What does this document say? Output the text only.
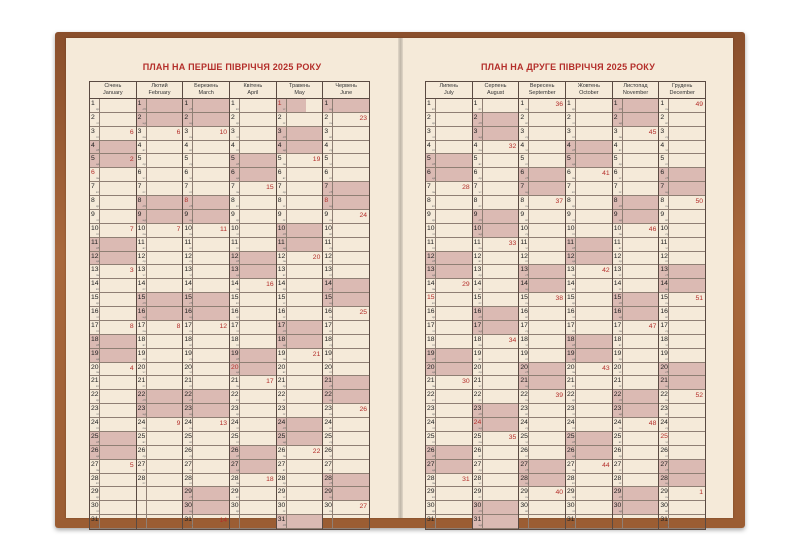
ПЛАН НА ПЕРШЕ ПІВРІЧЧЯ 2025 РОКУ
Січень
January
1
ср
2
чт
3
пт
6
4
сб
5
нд
2
6
пн
7
вт
8
ср
9
чт
10
пт
7
11
сб
12
нд
13
пн
3
14
вт
15
ср
16
чт
17
пт
8
18
сб
19
нд
20
пн
4
21
вт
22
ср
23
чт
24
пт
25
сб
26
нд
27
пн
5
28
вт
29
ср
30
чт
31
пт
Лютий
February
1
сб
2
нд
3
пн
6
4
вт
5
ср
6
чт
7
пт
8
сб
9
нд
10
пн
7
11
вт
12
ср
13
чт
14
пт
15
сб
16
нд
17
пн
8
18
вт
19
ср
20
чт
21
пт
22
сб
23
нд
24
пн
9
25
вт
26
ср
27
чт
28
пт
Березень
March
1
сб
2
нд
3
пн
10
4
вт
5
ср
6
чт
7
пт
8
сб
9
нд
10
пн
11
11
вт
12
ср
13
чт
14
пт
15
сб
16
нд
17
пн
12
18
вт
19
ср
20
чт
21
пт
22
сб
23
нд
24
пн
13
25
вт
26
ср
27
чт
28
пт
29
сб
30
нд
31
пн
14
Квітень
April
1
вт
2
ср
3
чт
4
пт
5
сб
6
нд
7
пн
15
8
вт
9
ср
10
чт
11
пт
12
сб
13
нд
14
пн
16
15
вт
16
ср
17
чт
18
пт
19
сб
20
нд
21
пн
17
22
вт
23
ср
24
чт
25
пт
26
сб
27
нд
28
пн
18
29
вт
30
ср
Травень
May
1
чт
2
пт
3
сб
4
нд
5
пн
19
6
вт
7
ср
8
чт
9
пт
10
сб
11
нд
12
пн
20
13
вт
14
ср
15
чт
16
пт
17
сб
18
нд
19
пн
21
20
вт
21
ср
22
чт
23
пт
24
сб
25
нд
26
пн
22
27
вт
28
ср
29
чт
30
пт
31
сб
Червень
June
1
нд
2
пн
23
3
вт
4
ср
5
чт
6
пт
7
сб
8
нд
9
пн
24
10
вт
11
ср
12
чт
13
пт
14
сб
15
нд
16
пн
25
17
вт
18
ср
19
чт
20
пт
21
сб
22
нд
23
пн
26
24
вт
25
ср
26
чт
27
пт
28
сб
29
нд
30
пн
27
ПЛАН НА ДРУГЕ ПІВРІЧЧЯ 2025 РОКУ
Липень
July
1
вт
2
ср
3
чт
4
пт
5
сб
6
нд
7
пн
28
8
вт
9
ср
10
чт
11
пт
12
сб
13
нд
14
пн
29
15
вт
16
ср
17
чт
18
пт
19
сб
20
нд
21
пн
30
22
вт
23
ср
24
чт
25
пт
26
сб
27
нд
28
пн
31
29
вт
30
ср
31
чт
Серпень
August
1
пт
2
сб
3
нд
4
пн
32
5
вт
6
ср
7
чт
8
пт
9
сб
10
нд
11
пн
33
12
вт
13
ср
14
чт
15
пт
16
сб
17
нд
18
пн
34
19
вт
20
ср
21
чт
22
пт
23
сб
24
нд
25
пн
35
26
вт
27
ср
28
чт
29
пт
30
сб
31
нд
Вересень
September
1
пн
36
2
вт
3
ср
4
чт
5
пт
6
сб
7
нд
8
пн
37
9
вт
10
ср
11
чт
12
пт
13
сб
14
нд
15
пн
38
16
вт
17
ср
18
чт
19
пт
20
сб
21
нд
22
пн
39
23
вт
24
ср
25
чт
26
пт
27
сб
28
нд
29
пн
40
30
вт
Жовтень
October
1
ср
2
чт
3
пт
4
сб
5
нд
6
пн
41
7
вт
8
ср
9
чт
10
пт
11
сб
12
нд
13
пн
42
14
вт
15
ср
16
чт
17
пт
18
сб
19
нд
20
пн
43
21
вт
22
ср
23
чт
24
пт
25
сб
26
нд
27
пн
44
28
вт
29
ср
30
чт
31
пт
Листопад
November
1
сб
2
нд
3
пн
45
4
вт
5
ср
6
чт
7
пт
8
сб
9
нд
10
пн
46
11
вт
12
ср
13
чт
14
пт
15
сб
16
нд
17
пн
47
18
вт
19
ср
20
чт
21
пт
22
сб
23
нд
24
пн
48
25
вт
26
ср
27
чт
28
пт
29
сб
30
нд
Грудень
December
1
пн
49
2
вт
3
ср
4
чт
5
пт
6
сб
7
нд
8
пн
50
9
вт
10
ср
11
чт
12
пт
13
сб
14
нд
15
пн
51
16
вт
17
ср
18
чт
19
пт
20
сб
21
нд
22
пн
52
23
вт
24
ср
25
чт
26
пт
27
сб
28
нд
29
пн
1
30
вт
31
ср
